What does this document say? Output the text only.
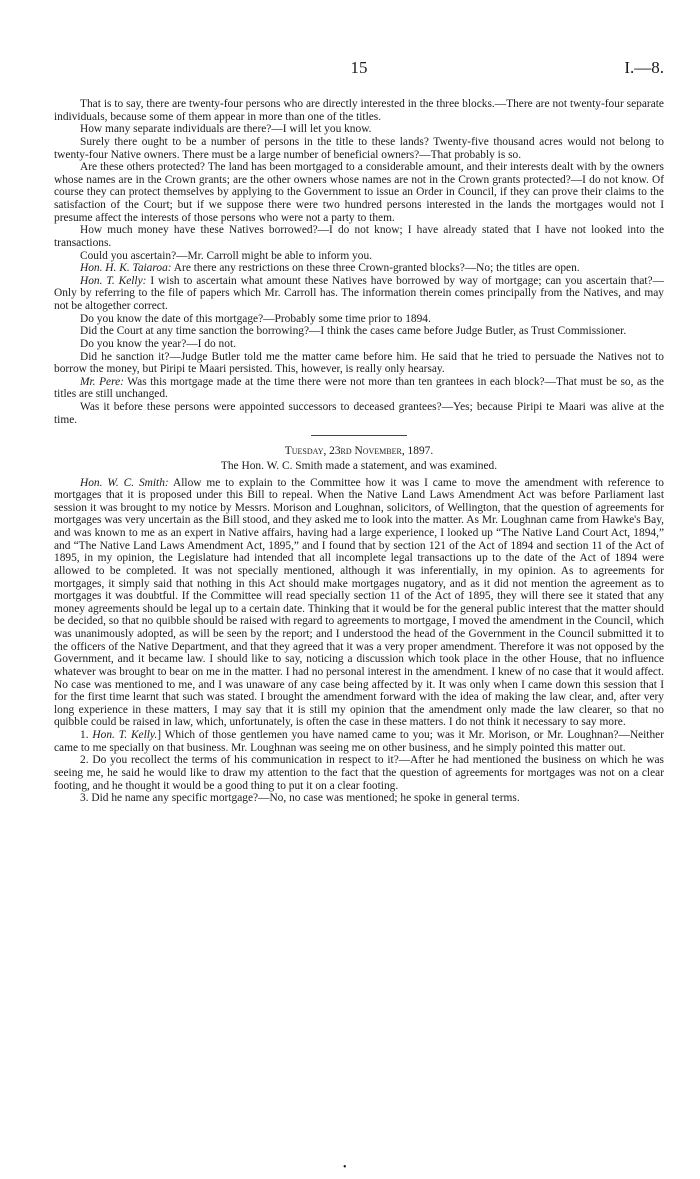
15	I.—8.

That is to say, there are twenty-four persons who are directly interested in the three blocks.—There are not twenty-four separate individuals, because some of them appear in more than one of the titles.

How many separate individuals are there?—I will let you know.

Surely there ought to be a number of persons in the title to these lands? Twenty-five thousand acres would not belong to twenty-four Native owners. There must be a large number of beneficial owners?—That probably is so.

Are these others protected? The land has been mortgaged to a considerable amount, and their interests dealt with by the owners whose names are in the Crown grants; are the other owners whose names are not in the Crown grants protected?—I do not know. Of course they can protect themselves by applying to the Government to issue an Order in Council, if they can prove their claims to the satisfaction of the Court; but if we suppose there were two hundred persons interested in the lands the mortgages would not I presume affect the interests of those persons who were not a party to them.

How much money have these Natives borrowed?—I do not know; I have already stated that I have not looked into the transactions.

Could you ascertain?—Mr. Carroll might be able to inform you.

Hon. H. K. Taiaroa: Are there any restrictions on these three Crown-granted blocks?—No; the titles are open.

Hon. T. Kelly: I wish to ascertain what amount these Natives have borrowed by way of mortgage; can you ascertain that?—Only by referring to the file of papers which Mr. Carroll has. The information therein comes principally from the Natives, and may not be altogether correct.

Do you know the date of this mortgage?—Probably some time prior to 1894.

Did the Court at any time sanction the borrowing?—I think the cases came before Judge Butler, as Trust Commissioner.

Do you know the year?—I do not.

Did he sanction it?—Judge Butler told me the matter came before him. He said that he tried to persuade the Natives not to borrow the money, but Piripi te Maari persisted. This, however, is really only hearsay.

Mr. Pere: Was this mortgage made at the time there were not more than ten grantees in each block?—That must be so, as the titles are still unchanged.

Was it before these persons were appointed successors to deceased grantees?—Yes; because Piripi te Maari was alive at the time.

Tuesday, 23rd November, 1897.

The Hon. W. C. Smith made a statement, and was examined.

Hon. W. C. Smith: Allow me to explain to the Committee how it was I came to move the amendment with reference to mortgages that it is proposed under this Bill to repeal. When the Native Land Laws Amendment Act was before Parliament last session it was brought to my notice by Messrs. Morison and Loughnan, solicitors, of Wellington, that the question of agreements for mortgages was very uncertain as the Bill stood, and they asked me to look into the matter. As Mr. Loughnan came from Hawke's Bay, and was known to me as an expert in Native affairs, having had a large experience, I looked up “The Native Land Court Act, 1894,” and “The Native Land Laws Amendment Act, 1895,” and I found that by section 121 of the Act of 1894 and section 11 of the Act of 1895, in my opinion, the Legislature had intended that all incomplete legal transactions up to the date of the Act of 1894 were allowed to be completed. It was not specially mentioned, although it was inferentially, in my opinion. As to agreements for mortgages, it simply said that nothing in this Act should make mortgages nugatory, and as it did not mention the agreement as to mortgages it was doubtful. If the Committee will read specially section 11 of the Act of 1895, they will there see it stated that any money agreements should be legal up to a certain date. Thinking that it would be for the general public interest that the matter should be decided, so that no quibble should be raised with regard to agreements to mortgage, I moved the amendment in the Council, which was unanimously adopted, as will be seen by the report; and I understood the head of the Government in the Council submitted it to the officers of the Native Department, and that they agreed that it was a very proper amendment. Therefore it was not opposed by the Government, and it became law. I should like to say, noticing a discussion which took place in the other House, that no influence whatever was brought to bear on me in the matter. I had no personal interest in the amendment. I knew of no case that it would affect. No case was mentioned to me, and I was unaware of any case being affected by it. It was only when I came down this session that I for the first time learnt that such was stated. I brought the amendment forward with the idea of making the law clear, and, after very long experience in these matters, I may say that it is still my opinion that the amendment only made the law clearer, so that no quibble could be raised in law, which, unfortunately, is often the case in these matters. I do not think it necessary to say more.

1. Hon. T. Kelly.] Which of those gentlemen you have named came to you; was it Mr. Morison, or Mr. Loughnan?—Neither came to me specially on that business. Mr. Loughnan was seeing me on other business, and he simply pointed this matter out.

2. Do you recollect the terms of his communication in respect to it?—After he had mentioned the business on which he was seeing me, he said he would like to draw my attention to the fact that the question of agreements for mortgages was not on a clear footing, and he thought it would be a good thing to put it on a clear footing.

3. Did he name any specific mortgage?—No, no case was mentioned; he spoke in general terms.

•
